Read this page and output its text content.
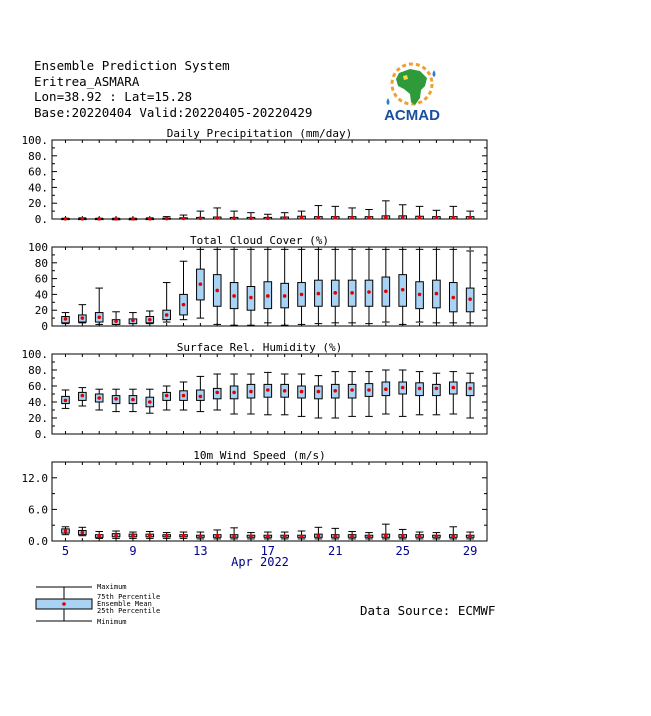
Ensemble Prediction System
Eritrea_ASMARA
Lon=38.92 : Lat=15.28
Base:20220404 Valid:20220405-20220429	ACMAD
Daily Precipitation (mm/day)
0.
20.
40.
60.
80.
100.
Total Cloud Cover (%)
0
20
40
60
80
100
Surface Rel. Humidity (%)
0.
20.
40.
60.
80.
100.
10m Wind Speed (m/s)
0.0
6.0
12.0
5	9	13	17	21	25	29
Apr 2022
Maximum
75th Percentile
Ensemble Mean
25th Percentile
Minimum
Data Source: ECMWF
